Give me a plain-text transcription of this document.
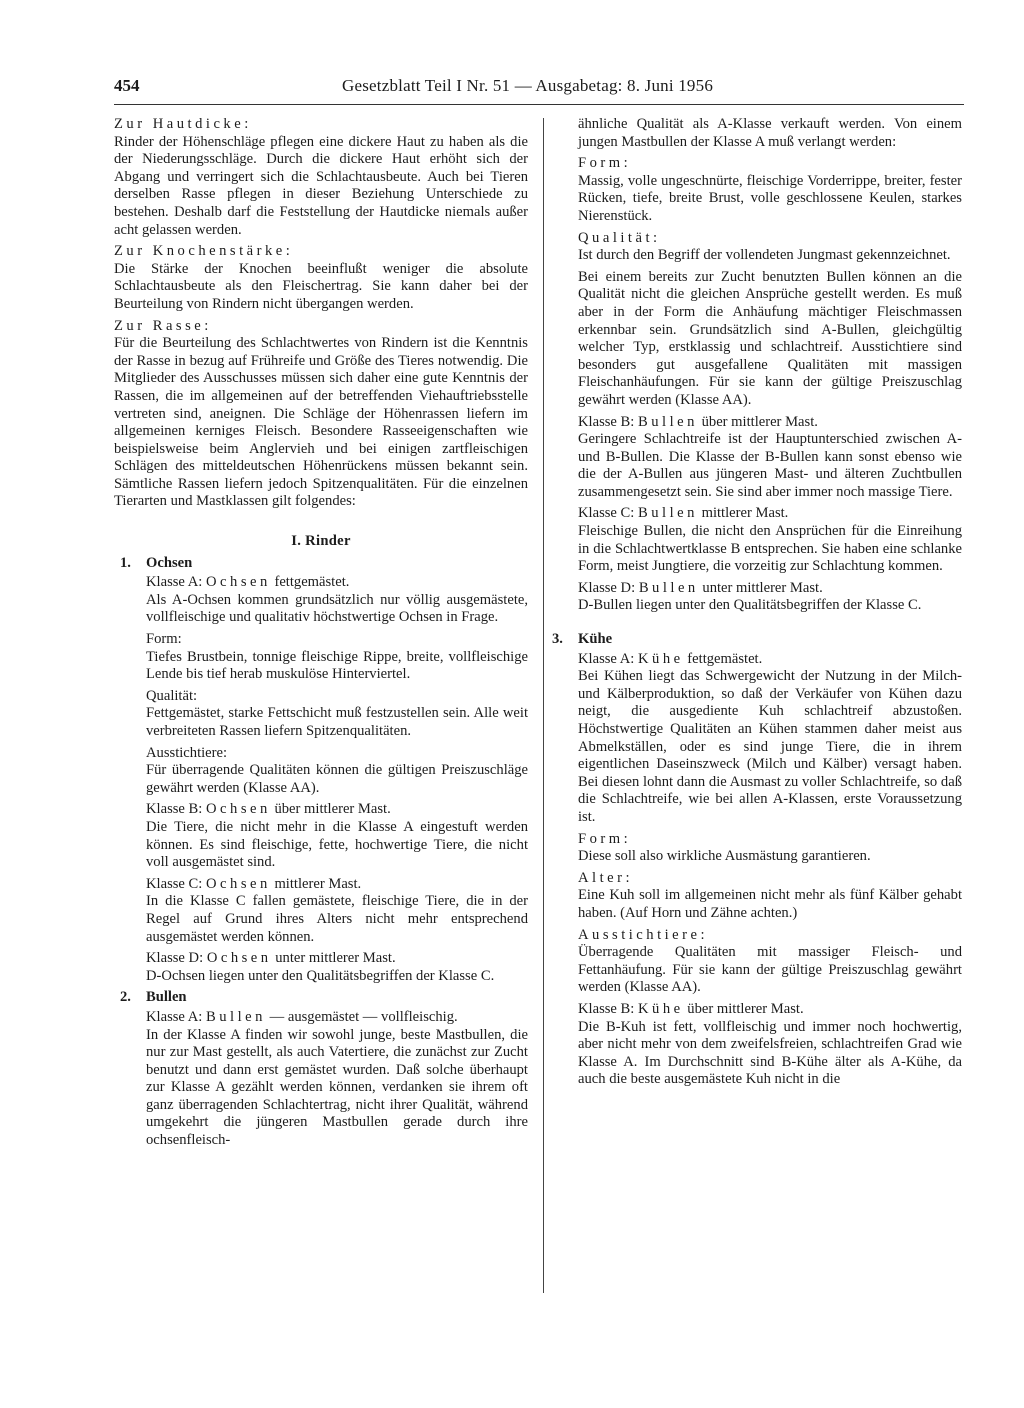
454	Gesetzblatt Teil I Nr. 51 — Ausgabetag: 8. Juni 1956

Zur Hautdicke:

Rinder der Höhenschläge pflegen eine dickere Haut zu haben als die der Niederungsschläge. Durch die dickere Haut erhöht sich der Abgang und verringert sich die Schlachtausbeute. Auch bei Tieren derselben Rasse pflegen in dieser Beziehung Unterschiede zu bestehen. Deshalb darf die Feststellung der Hautdicke niemals außer acht gelassen werden.

Zur Knochenstärke:

Die Stärke der Knochen beeinflußt weniger die absolute Schlachtausbeute als den Fleischertrag. Sie kann daher bei der Beurteilung von Rindern nicht übergangen werden.

Zur Rasse:

Für die Beurteilung des Schlachtwertes von Rindern ist die Kenntnis der Rasse in bezug auf Frühreife und Größe des Tieres notwendig. Die Mitglieder des Ausschusses müssen sich daher eine gute Kenntnis der Rassen, die im allgemeinen auf der betreffenden Viehauftriebsstelle vertreten sind, aneignen. Die Schläge der Höhenrassen liefern im allgemeinen kerniges Fleisch. Besondere Rasseeigenschaften wie beispielsweise beim Anglervieh und bei einigen zartfleischigen Schlägen des mitteldeutschen Höhenrückens müssen bekannt sein. Sämtliche Rassen liefern jedoch Spitzenqualitäten. Für die einzelnen Tierarten und Mastklassen gilt folgendes:

I. Rinder

1. Ochsen

Klasse A: Ochsen fettgemästet.

Als A-Ochsen kommen grundsätzlich nur völlig ausgemästete, vollfleischige und qualitativ höchstwertige Ochsen in Frage.

Form:

Tiefes Brustbein, tonnige fleischige Rippe, breite, vollfleischige Lende bis tief herab muskulöse Hinterviertel.

Qualität:

Fettgemästet, starke Fettschicht muß festzustellen sein. Alle weit verbreiteten Rassen liefern Spitzenqualitäten.

Ausstichtiere:

Für überragende Qualitäten können die gültigen Preiszuschläge gewährt werden (Klasse AA).

Klasse B: Ochsen über mittlerer Mast.

Die Tiere, die nicht mehr in die Klasse A eingestuft werden können. Es sind fleischige, fette, hochwertige Tiere, die nicht voll ausgemästet sind.

Klasse C: Ochsen mittlerer Mast.

In die Klasse C fallen gemästete, fleischige Tiere, die in der Regel auf Grund ihres Alters nicht mehr entsprechend ausgemästet werden können.

Klasse D: Ochsen unter mittlerer Mast.

D-Ochsen liegen unter den Qualitätsbegriffen der Klasse C.

2. Bullen

Klasse A: Bullen — ausgemästet — vollfleischig.

In der Klasse A finden wir sowohl junge, beste Mastbullen, die nur zur Mast gestellt, als auch Vatertiere, die zunächst zur Zucht benutzt und dann erst gemästet wurden. Daß solche überhaupt zur Klasse A gezählt werden können, verdanken sie ihrem oft ganz überragenden Schlachtertrag, nicht ihrer Qualität, während umgekehrt die jüngeren Mastbullen gerade durch ihre ochsenfleisch-

ähnliche Qualität als A-Klasse verkauft werden. Von einem jungen Mastbullen der Klasse A muß verlangt werden:

Form:

Massig, volle ungeschnürte, fleischige Vorderrippe, breiter, fester Rücken, tiefe, breite Brust, volle geschlossene Keulen, starkes Nierenstück.

Qualität:

Ist durch den Begriff der vollendeten Jungmast gekennzeichnet.

Bei einem bereits zur Zucht benutzten Bullen können an die Qualität nicht die gleichen Ansprüche gestellt werden. Es muß aber in der Form die Anhäufung mächtiger Fleischmassen erkennbar sein. Grundsätzlich sind A-Bullen, gleichgültig welcher Typ, erstklassig und schlachtreif. Ausstichtiere sind besonders gut ausgefallene Qualitäten mit massigen Fleischanhäufungen. Für sie kann der gültige Preiszuschlag gewährt werden (Klasse AA).

Klasse B: Bullen über mittlerer Mast.

Geringere Schlachtreife ist der Hauptunterschied zwischen A- und B-Bullen. Die Klasse der B-Bullen kann sonst ebenso wie die der A-Bullen aus jüngeren Mast- und älteren Zuchtbullen zusammengesetzt sein. Sie sind aber immer noch massige Tiere.

Klasse C: Bullen mittlerer Mast.

Fleischige Bullen, die nicht den Ansprüchen für die Einreihung in die Schlachtwertklasse B entsprechen. Sie haben eine schlanke Form, meist Jungtiere, die vorzeitig zur Schlachtung kommen.

Klasse D: Bullen unter mittlerer Mast.

D-Bullen liegen unter den Qualitätsbegriffen der Klasse C.

3. Kühe

Klasse A: Kühe fettgemästet.

Bei Kühen liegt das Schwergewicht der Nutzung in der Milch- und Kälberproduktion, so daß der Verkäufer von Kühen dazu neigt, die ausgediente Kuh schlachtreif abzustoßen. Höchstwertige Qualitäten an Kühen stammen daher meist aus Abmelkställen, oder es sind junge Tiere, die in ihrem eigentlichen Daseinszweck (Milch und Kälber) versagt haben. Bei diesen lohnt dann die Ausmast zu voller Schlachtreife, so daß die Schlachtreife, wie bei allen A-Klassen, erste Voraussetzung ist.

Form:

Diese soll also wirkliche Ausmästung garantieren.

Alter:

Eine Kuh soll im allgemeinen nicht mehr als fünf Kälber gehabt haben. (Auf Horn und Zähne achten.)

Ausstichtiere:

Überragende Qualitäten mit massiger Fleisch- und Fettanhäufung. Für sie kann der gültige Preiszuschlag gewährt werden (Klasse AA).

Klasse B: Kühe über mittlerer Mast.

Die B-Kuh ist fett, vollfleischig und immer noch hochwertig, aber nicht mehr von dem zweifelsfreien, schlachtreifen Grad wie Klasse A. Im Durchschnitt sind B-Kühe älter als A-Kühe, da auch die beste ausgemästete Kuh nicht in die
